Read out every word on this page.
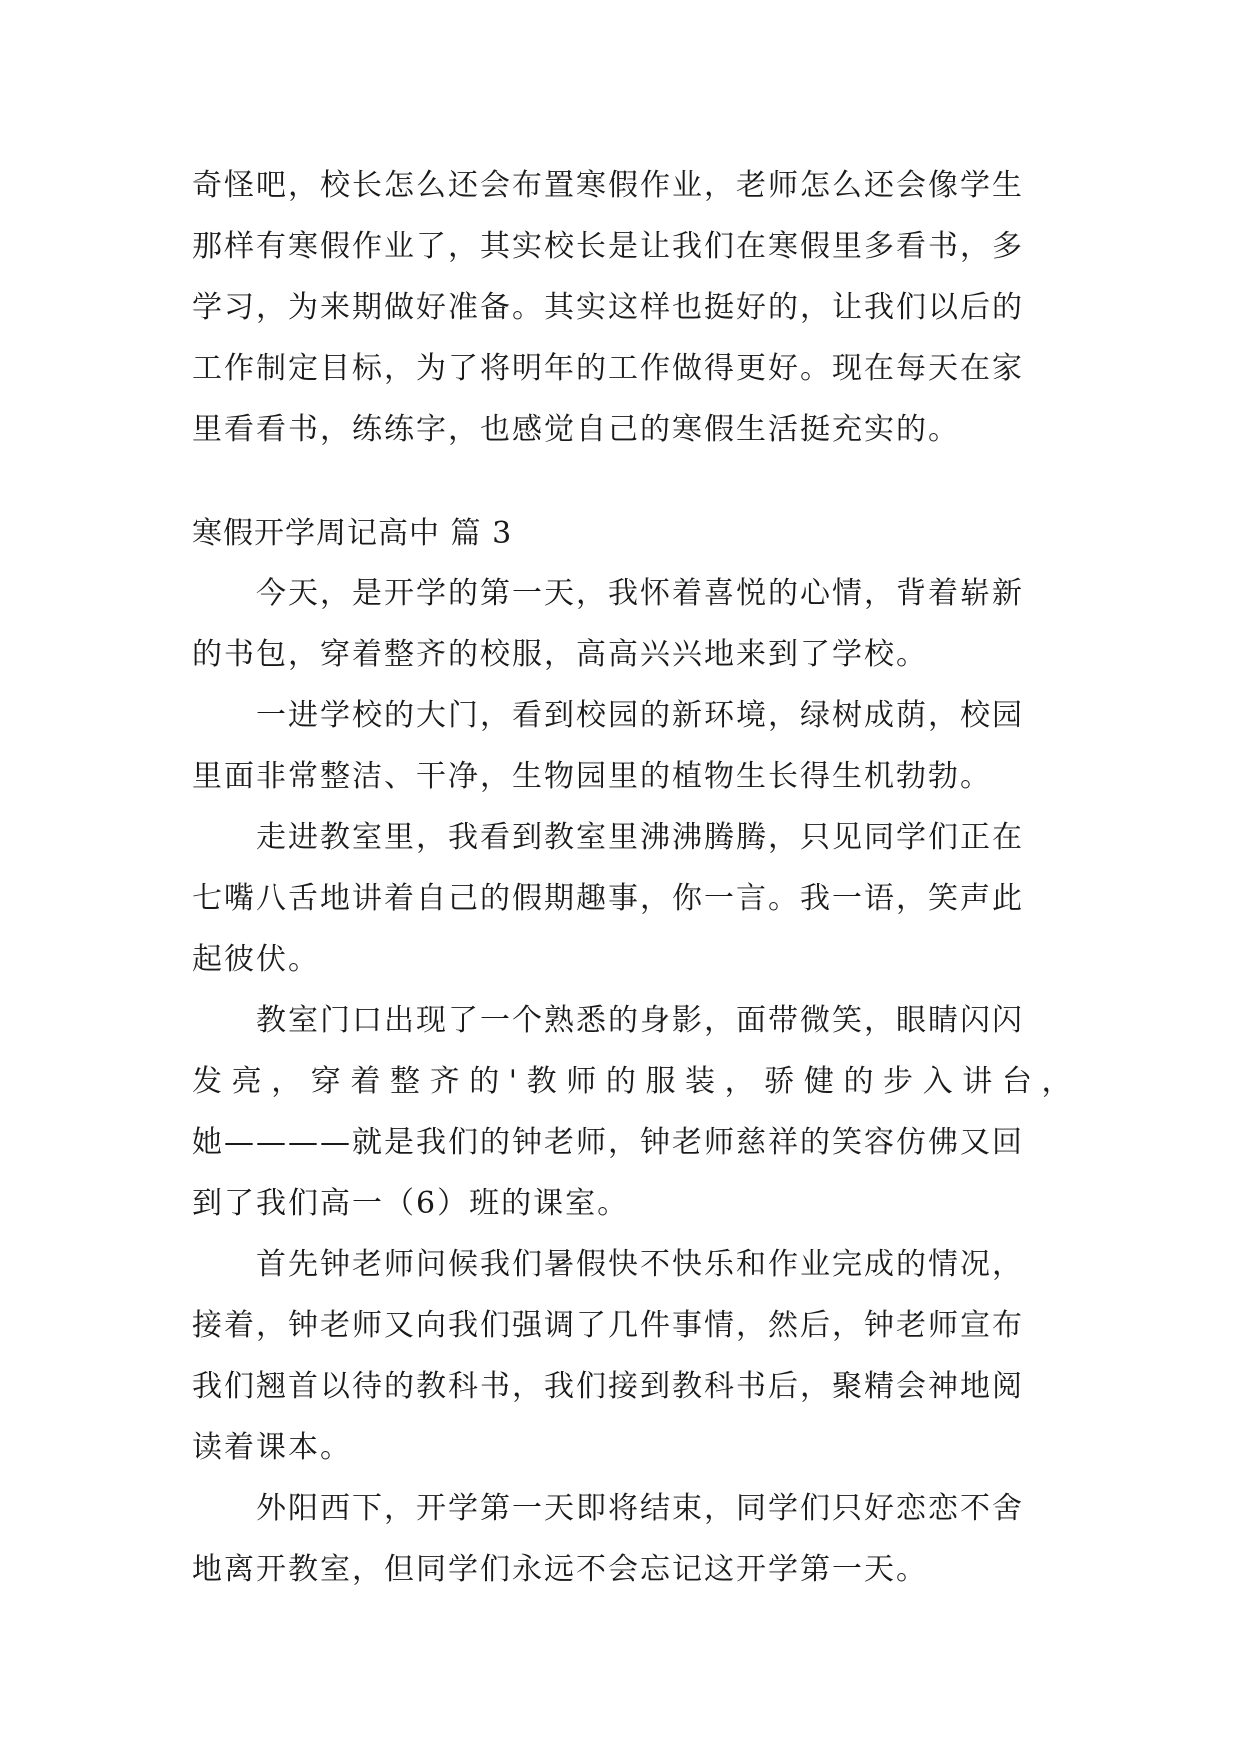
奇怪吧，校长怎么还会布置寒假作业，老师怎么还会像学生
那样有寒假作业了，其实校长是让我们在寒假里多看书，多
学习，为来期做好准备。其实这样也挺好的，让我们以后的
工作制定目标，为了将明年的工作做得更好。现在每天在家
里看看书，练练字，也感觉自己的寒假生活挺充实的。
寒假开学周记高中 篇 3
今天，是开学的第一天，我怀着喜悦的心情，背着崭新
的书包，穿着整齐的校服，高高兴兴地来到了学校。
一进学校的大门，看到校园的新环境，绿树成荫，校园
里面非常整洁、干净，生物园里的植物生长得生机勃勃。
走进教室里，我看到教室里沸沸腾腾，只见同学们正在
七嘴八舌地讲着自己的假期趣事，你一言。我一语，笑声此
起彼伏。
教室门口出现了一个熟悉的身影，面带微笑，眼睛闪闪
发亮，穿着整齐的'教师的服装，骄健的步入讲台，
她————就是我们的钟老师，钟老师慈祥的笑容仿佛又回
到了我们高一（6）班的课室。
首先钟老师问候我们暑假快不快乐和作业完成的情况，
接着，钟老师又向我们强调了几件事情，然后，钟老师宣布
我们翘首以待的教科书，我们接到教科书后，聚精会神地阅
读着课本。
外阳西下，开学第一天即将结束，同学们只好恋恋不舍
地离开教室，但同学们永远不会忘记这开学第一天。
